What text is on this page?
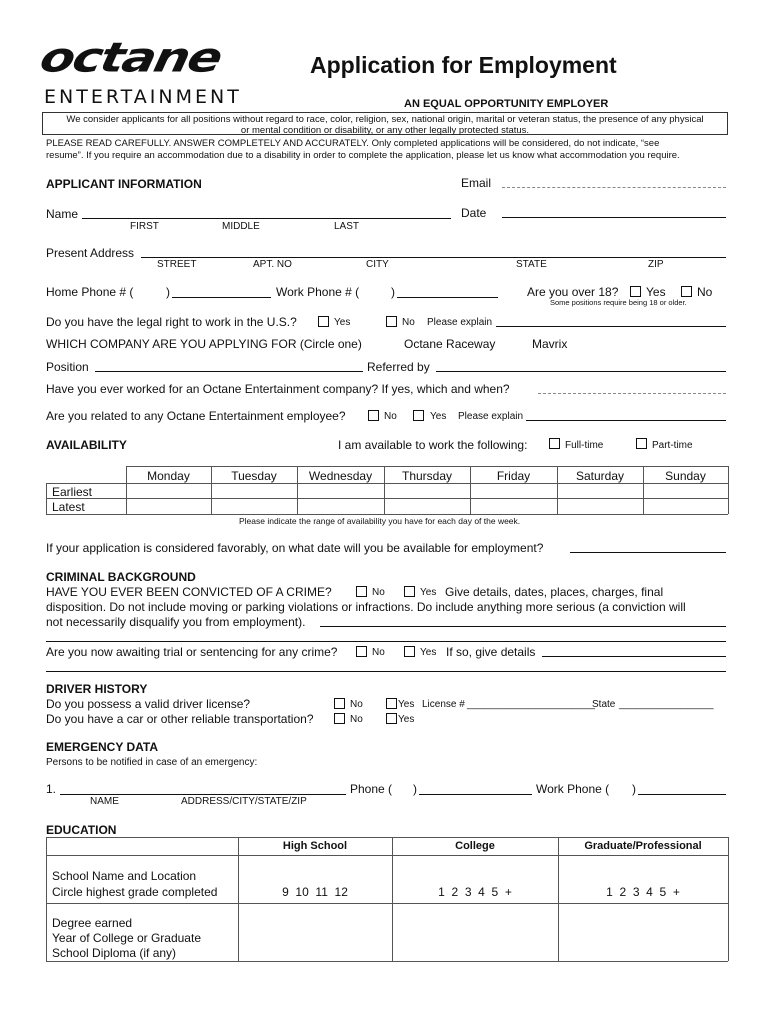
octane
ENTERTAINMENT
Application for Employment
AN EQUAL OPPORTUNITY EMPLOYER
We consider applicants for all positions without regard to race, color, religion, sex, national origin, marital or veteran status, the presence of any physical
or mental condition or disability, or any other legally protected status.
PLEASE READ CAREFULLY. ANSWER COMPLETELY AND ACCURATELY. Only completed applications will be considered, do not indicate, “see
resume”. If you require an accommodation due to a disability in order to complete the application, please let us know what accommodation you require.
APPLICANT INFORMATION	Email
Name	Date
FIRST	MIDDLE	LAST
Present Address
STREET	APT. NO	CITY	STATE	ZIP
Home Phone # (	)	Work Phone # (	)	Are you over 18? Yes	No
Some positions require being 18 or older.
Do you have the legal right to work in the U.S.?	Yes	No Please explain
WHICH COMPANY ARE YOU APPLYING FOR (Circle one)	Octane Raceway	Mavrix
Position	Referred by
Have you ever worked for an Octane Entertainment company? If yes, which and when?
Are you related to any Octane Entertainment employee?	No	Yes Please explain
AVAILABILITY	I am available to work the following:	Full-time	Part-time
Monday	Tuesday	Wednesday	Thursday	Friday	Saturday	Sunday
Earliest
Latest
Please indicate the range of availability you have for each day of the week.
If your application is considered favorably, on what date will you be available for employment?
CRIMINAL BACKGROUND
HAVE YOU EVER BEEN CONVICTED OF A CRIME?	No	Yes Give details, dates, places, charges, final
disposition. Do not include moving or parking violations or infractions. Do include anything more serious (a conviction will
not necessarily disqualify you from employment).
Are you now awaiting trial or sentencing for any crime?	No	Yes If so, give details
DRIVER HISTORY
Do you possess a valid driver license?	No	Yes License # _______________________
State _________________
Do you have a car or other reliable transportation?	No	Yes
EMERGENCY DATA
Persons to be notified in case of an emergency:
1.	Phone ( )	Work Phone ( )
NAME	ADDRESS/CITY/STATE/ZIP
EDUCATION
High School	College	Graduate/Professional
School Name and Location
Circle highest grade completed	9  10  11  12	1  2  3  4  5  +	1  2  3  4  5  +
Degree earned
Year of College or Graduate
School Diploma (if any)
